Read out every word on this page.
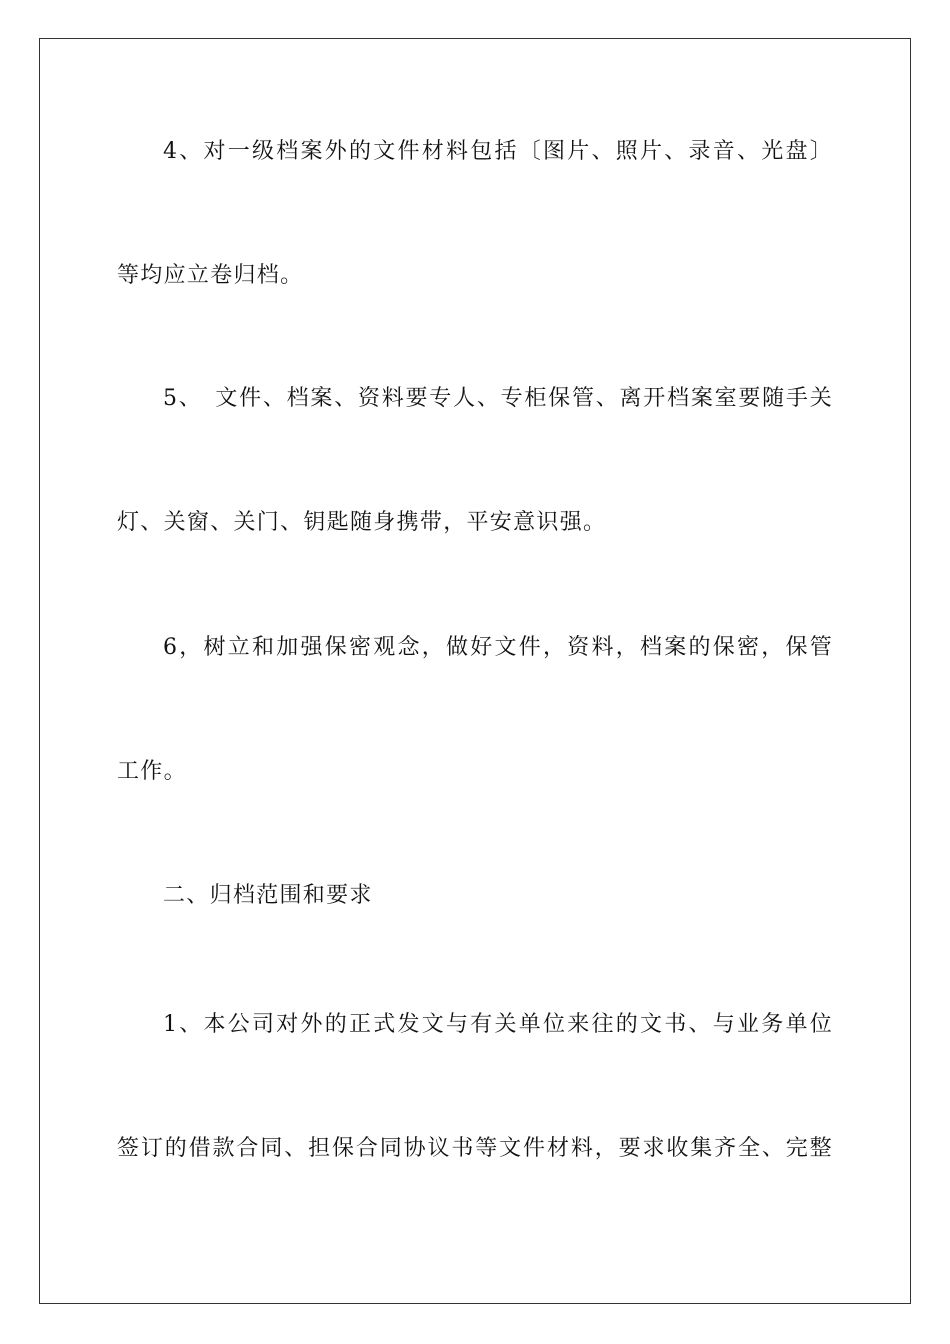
4、对一级档案外的文件材料包括〔图片、照片、录音、光盘〕
等均应立卷归档。
5、　文件、档案、资料要专人、专柜保管、离开档案室要随手关
灯、关窗、关门、钥匙随身携带，平安意识强。
6，树立和加强保密观念，做好文件，资料，档案的保密，保管
工作。
二、归档范围和要求
1、本公司对外的正式发文与有关单位来往的文书、与业务单位
签订的借款合同、担保合同协议书等文件材料，要求收集齐全、完整
